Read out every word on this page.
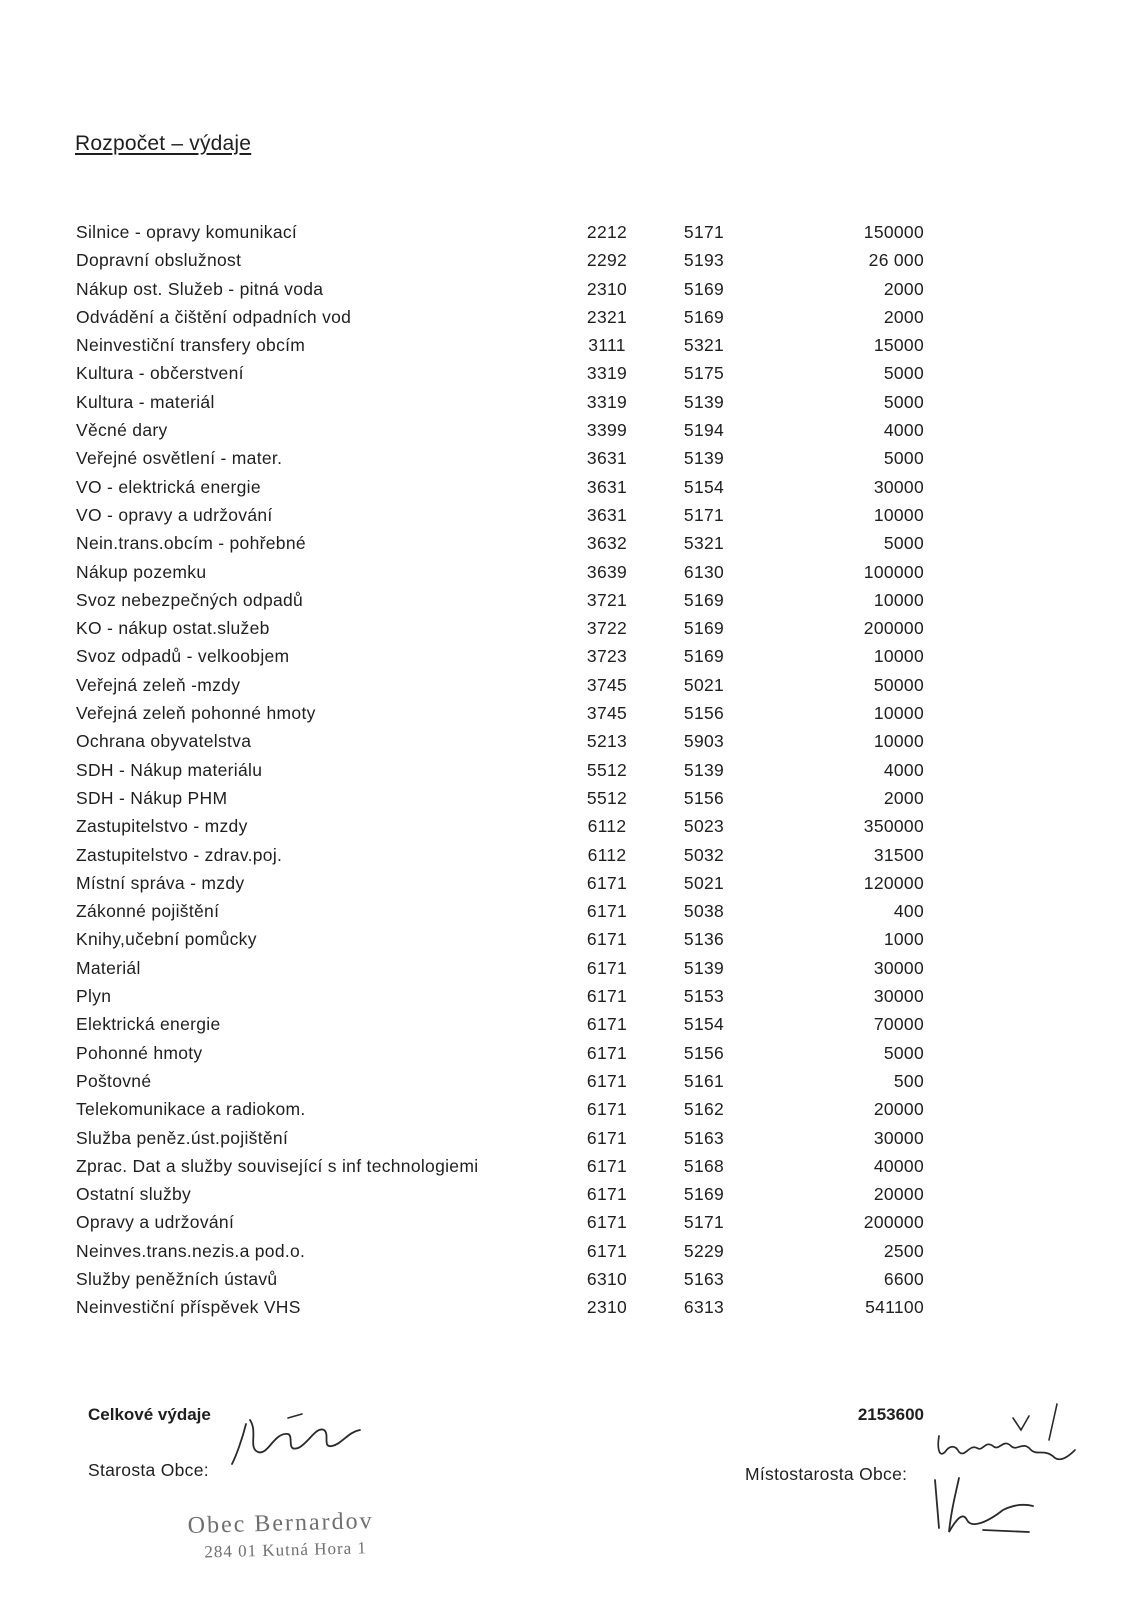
Rozpočet – výdaje
Silnice - opravy komunikací	2212	5171	150000
Dopravní obslužnost	2292	5193	26 000
Nákup ost. Služeb - pitná voda	2310	5169	2000
Odvádění a čištění odpadních vod	2321	5169	2000
Neinvestiční transfery obcím	3111	5321	15000
Kultura - občerstvení	3319	5175	5000
Kultura - materiál	3319	5139	5000
Věcné dary	3399	5194	4000
Veřejné osvětlení - mater.	3631	5139	5000
VO - elektrická energie	3631	5154	30000
VO - opravy a udržování	3631	5171	10000
Nein.trans.obcím - pohřebné	3632	5321	5000
Nákup pozemku	3639	6130	100000
Svoz nebezpečných odpadů	3721	5169	10000
KO - nákup ostat.služeb	3722	5169	200000
Svoz odpadů - velkoobjem	3723	5169	10000
Veřejná zeleň -mzdy	3745	5021	50000
Veřejná zeleň pohonné hmoty	3745	5156	10000
Ochrana obyvatelstva	5213	5903	10000
SDH - Nákup materiálu	5512	5139	4000
SDH - Nákup PHM	5512	5156	2000
Zastupitelstvo - mzdy	6112	5023	350000
Zastupitelstvo - zdrav.poj.	6112	5032	31500
Místní správa - mzdy	6171	5021	120000
Zákonné pojištění	6171	5038	400
Knihy,učební pomůcky	6171	5136	1000
Materiál	6171	5139	30000
Plyn	6171	5153	30000
Elektrická energie	6171	5154	70000
Pohonné hmoty	6171	5156	5000
Poštovné	6171	5161	500
Telekomunikace a radiokom.	6171	5162	20000
Služba peněz.úst.pojištění	6171	5163	30000
Zprac. Dat a služby související s inf technologiemi	6171	5168	40000
Ostatní služby	6171	5169	20000
Opravy a udržování	6171	5171	200000
Neinves.trans.nezis.a pod.o.	6171	5229	2500
Služby peněžních ústavů	6310	5163	6600
Neinvestiční příspěvek VHS	2310	6313	541100
Celkové výdaje	2153600
Starosta Obce:	Místostarosta Obce:
Obec Bernardov
284 01 Kutná Hora 1
